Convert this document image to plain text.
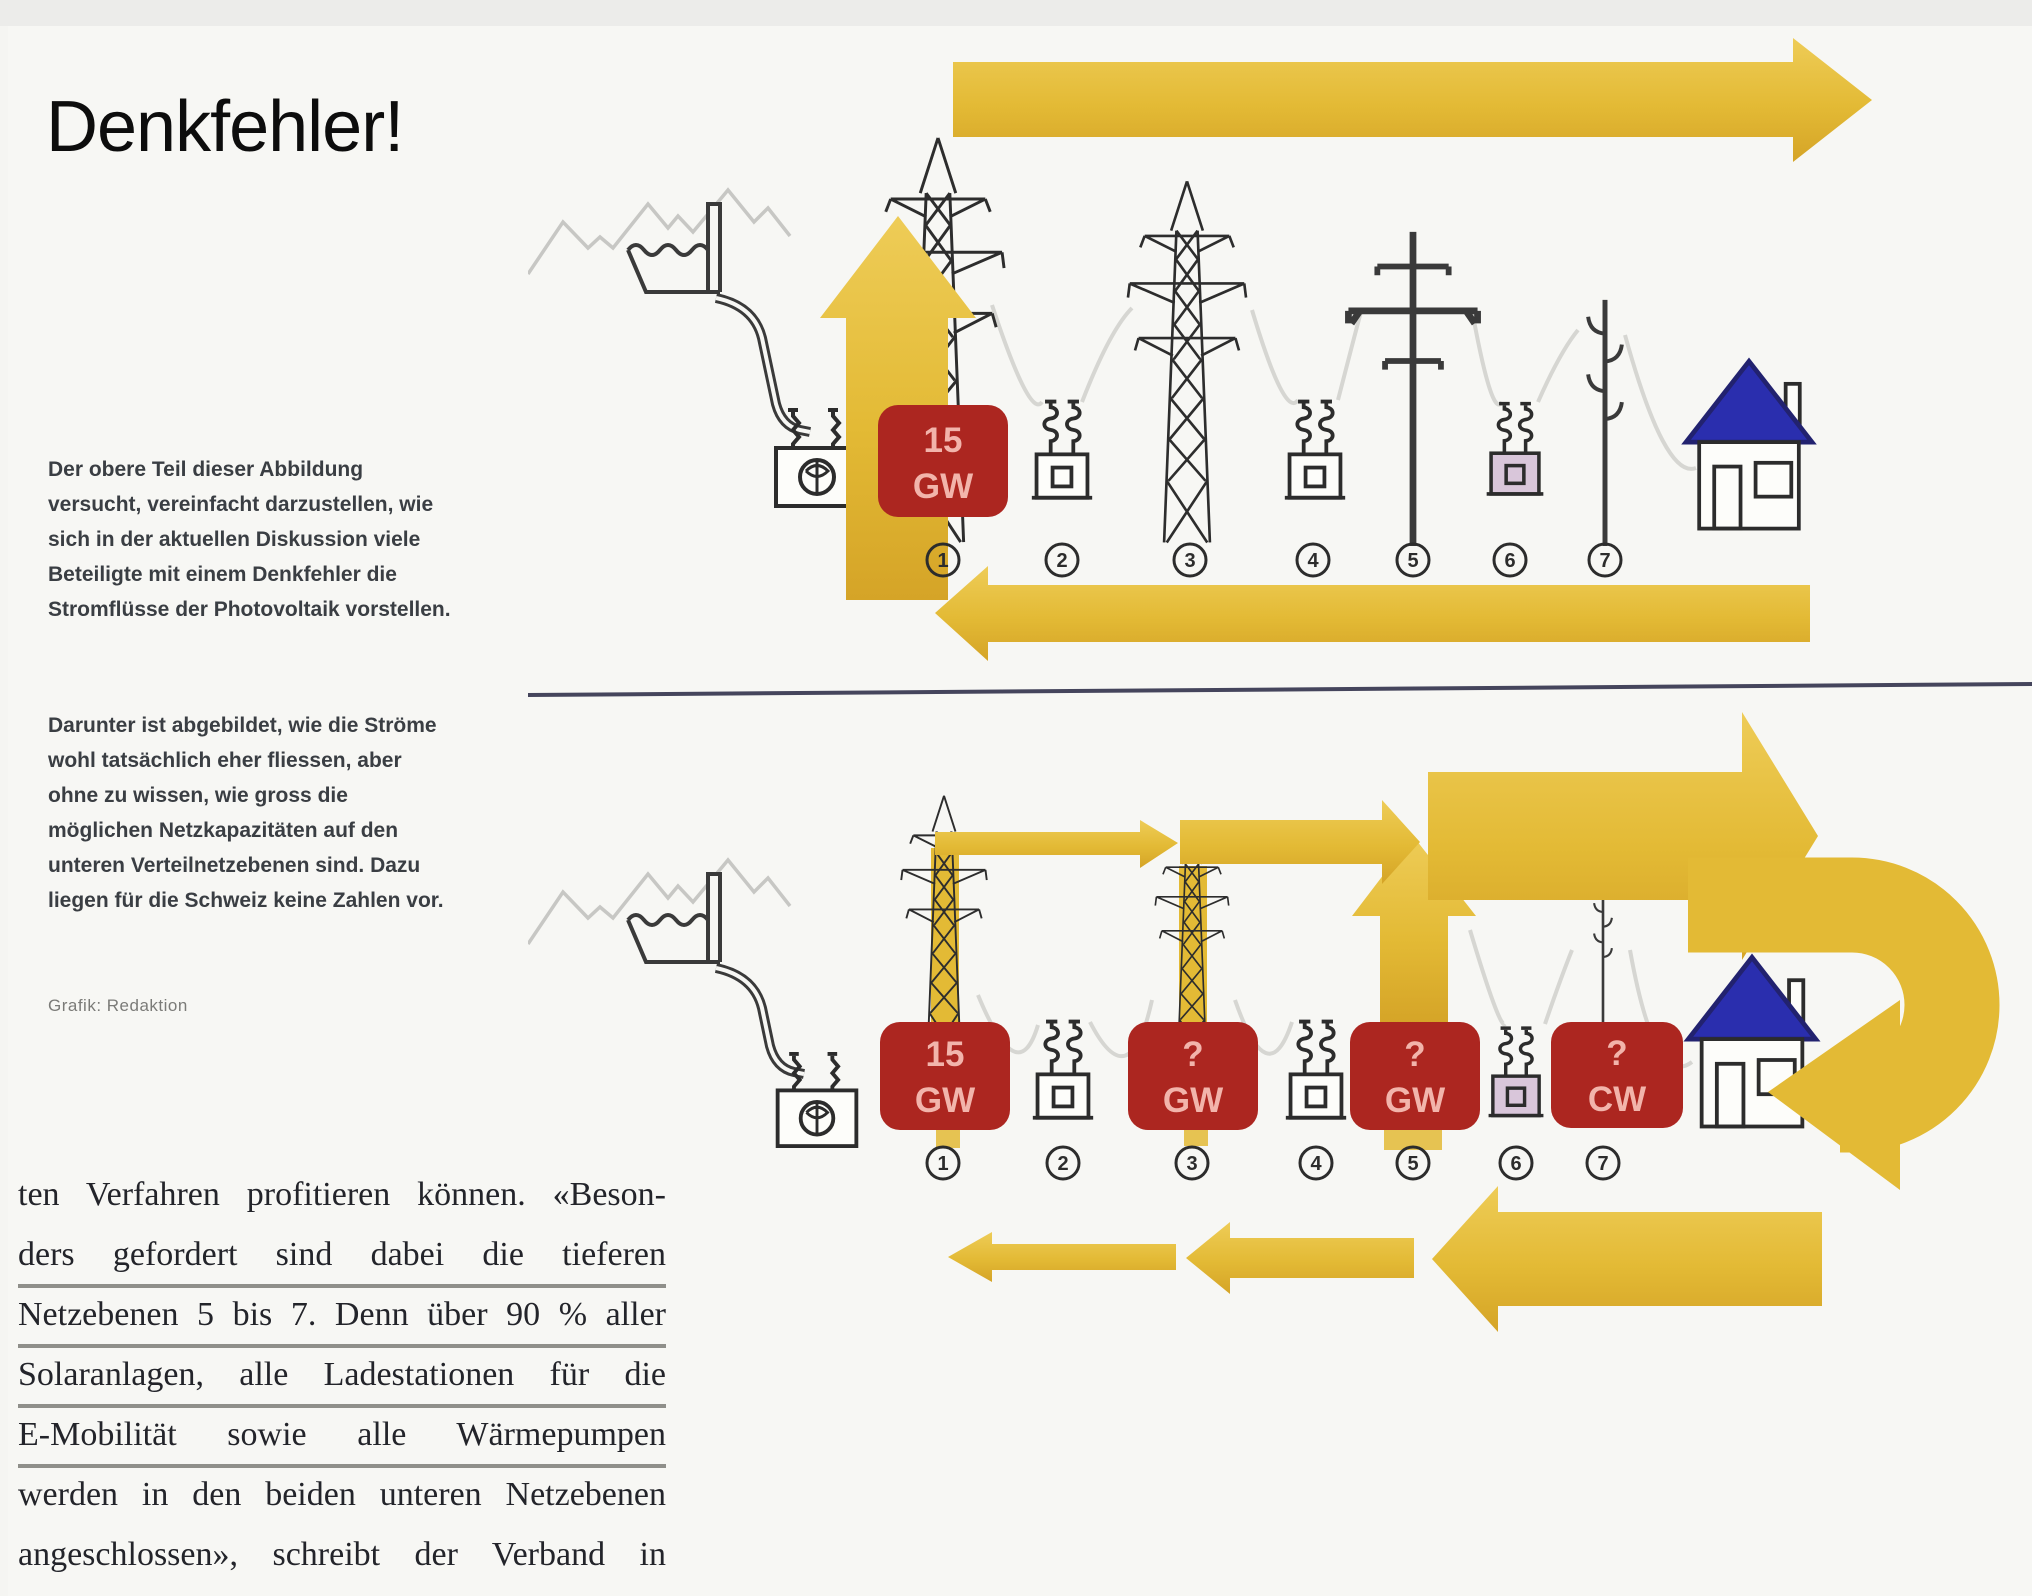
Denkfehler!
Der obere Teil dieser Abbildung versucht, vereinfacht darzustellen, wie sich in der aktuellen Diskussion viele Beteiligte mit einem Denkfehler die Stromflüsse der Photovoltaik vorstellen.
Darunter ist abgebildet, wie die Ströme wohl tatsächlich eher fliessen, aber ohne zu wissen, wie gross die möglichen Netzkapazitäten auf den unteren Verteilnetzebenen sind. Dazu liegen für die Schweiz keine Zahlen vor.
Grafik: Redaktion
ten Verfahren profitieren können. «Beson-
ders gefordert sind dabei die tieferen
Netzebenen 5 bis 7. Denn über 90 % aller
Solaranlagen, alle Ladestationen für die
E-Mobilität sowie alle Wärmepumpen
werden in den beiden unteren Netzebenen
angeschlossen», schreibt der Verband in
15
GW
1	2	3	4	5	6	7
15
GW
?
GW
?
GW
?
CW
1	2	3	4	5	6	7
